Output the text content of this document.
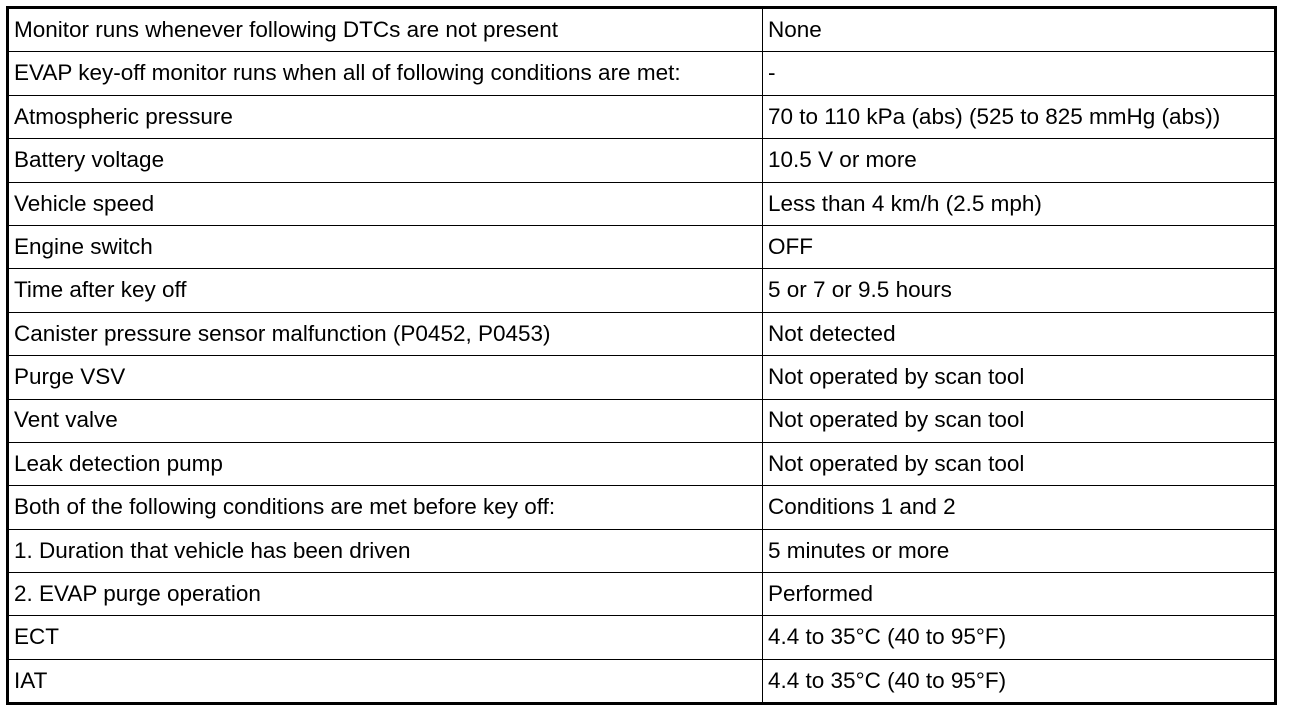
Monitor runs whenever following DTCs are not present	None
EVAP key-off monitor runs when all of following conditions are met:	-
Atmospheric pressure	70 to 110 kPa (abs) (525 to 825 mmHg (abs))
Battery voltage	10.5 V or more
Vehicle speed	Less than 4 km/h (2.5 mph)
Engine switch	OFF
Time after key off	5 or 7 or 9.5 hours
Canister pressure sensor malfunction (P0452, P0453)	Not detected
Purge VSV	Not operated by scan tool
Vent valve	Not operated by scan tool
Leak detection pump	Not operated by scan tool
Both of the following conditions are met before key off:	Conditions 1 and 2
1. Duration that vehicle has been driven	5 minutes or more
2. EVAP purge operation	Performed
ECT	4.4 to 35°C (40 to 95°F)
IAT	4.4 to 35°C (40 to 95°F)
